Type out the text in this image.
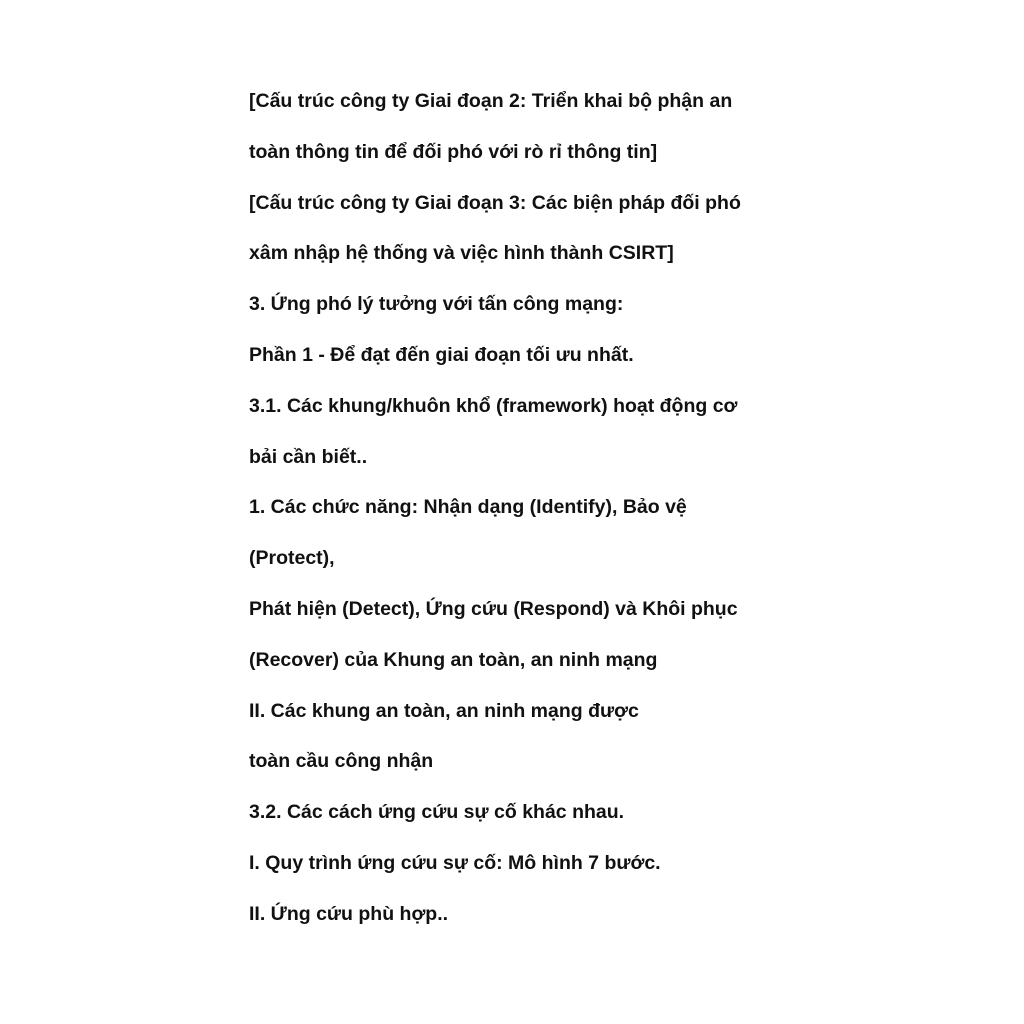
[Cấu trúc công ty Giai đoạn 2: Triển khai bộ phận an
toàn thông tin để đối phó với rò rỉ thông tin]
[Cấu trúc công ty Giai đoạn 3: Các biện pháp đối phó
xâm nhập hệ thống và việc hình thành CSIRT]
3. Ứng phó lý tưởng với tấn công mạng:
Phần 1 - Để đạt đến giai đoạn tối ưu nhất.
3.1. Các khung/khuôn khổ (framework) hoạt động cơ
bải cần biết..
1. Các chức năng: Nhận dạng (Identify), Bảo vệ
(Protect),
Phát hiện (Detect), Ứng cứu (Respond) và Khôi phục
(Recover) của Khung an toàn, an ninh mạng
II. Các khung an toàn, an ninh mạng được
toàn cầu công nhận
3.2. Các cách ứng cứu sự cố khác nhau.
I. Quy trình ứng cứu sự cố: Mô hình 7 bước.
II. Ứng cứu phù hợp..
